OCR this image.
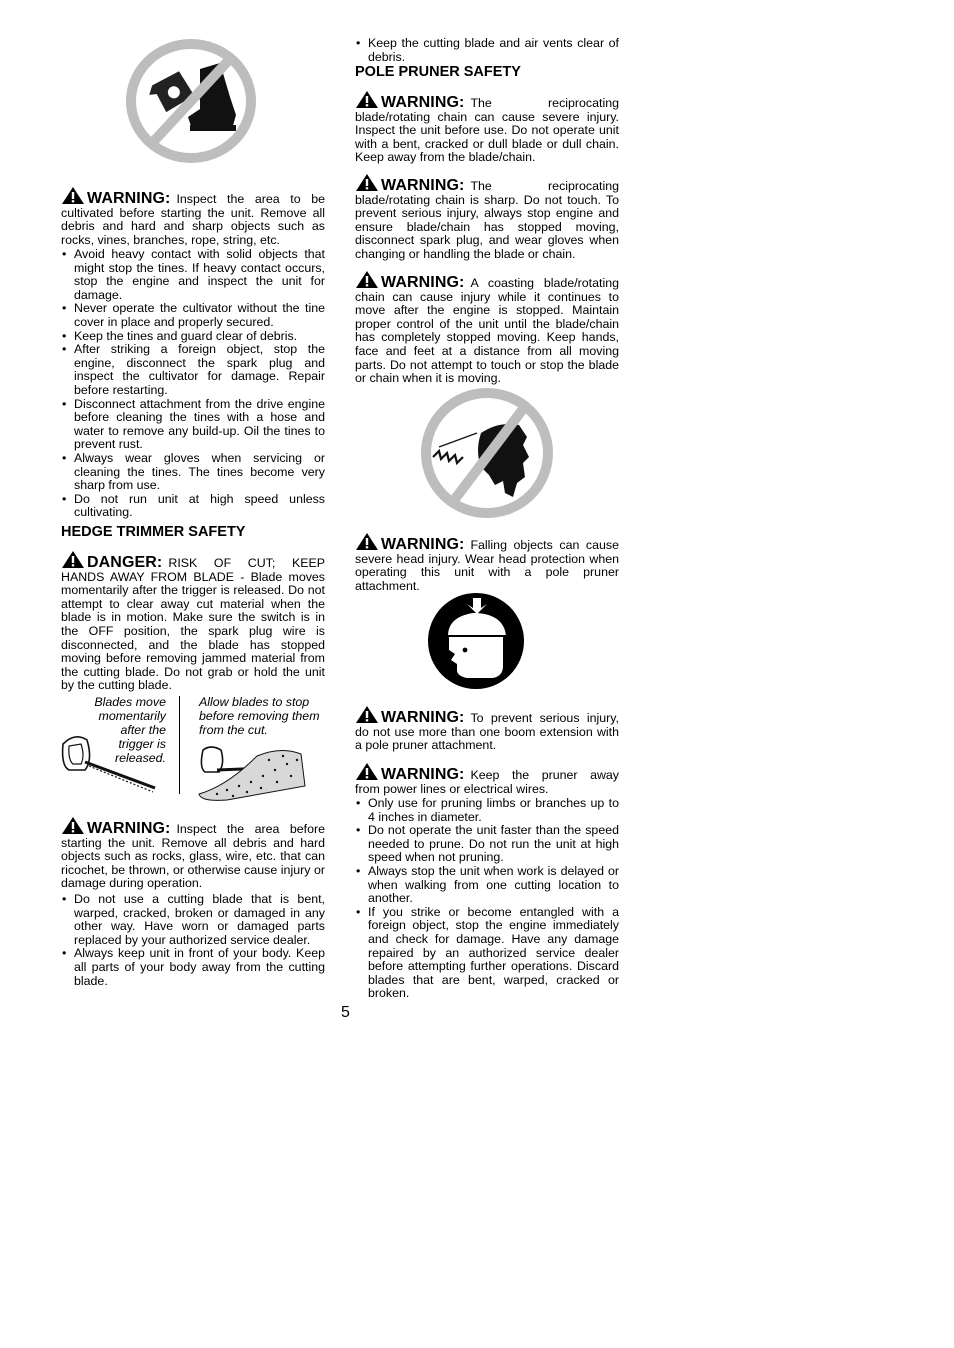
WARNING: Inspect the area to be cultivated before starting the unit. Remove all debris and hard and sharp objects such as rocks, vines, branches, rope, string, etc.

• Avoid heavy contact with solid objects that might stop the tines. If heavy contact occurs, stop the engine and inspect the unit for damage.
• Never operate the cultivator without the tine cover in place and properly secured.
• Keep the tines and guard clear of debris.
• After striking a foreign object, stop the engine, disconnect the spark plug and inspect the cultivator for damage. Repair before restarting.
• Disconnect attachment from the drive engine before cleaning the tines with a hose and water to remove any build-up. Oil the tines to prevent rust.
• Always wear gloves when servicing or cleaning the tines. The tines become very sharp from use.
• Do not run unit at high speed unless cultivating.

HEDGE TRIMMER SAFETY

DANGER: RISK OF CUT; KEEP HANDS AWAY FROM BLADE - Blade moves momentarily after the trigger is released. Do not attempt to clear away cut material when the blade is in motion. Make sure the switch is in the OFF position, the spark plug wire is disconnected, and the blade has stopped moving before removing jammed material from the cutting blade. Do not grab or hold the unit by the cutting blade.

Blades move momentarily after the trigger is released.
Allow blades to stop before removing them from the cut.

WARNING: Inspect the area before starting the unit. Remove all debris and hard objects such as rocks, glass, wire, etc. that can ricochet, be thrown, or otherwise cause injury or damage during operation.

• Do not use a cutting blade that is bent, warped, cracked, broken or damaged in any other way. Have worn or damaged parts replaced by your authorized service dealer.
• Always keep unit in front of your body. Keep all parts of your body away from the cutting blade.
• Keep the cutting blade and air vents clear of debris.

POLE PRUNER SAFETY

WARNING: The reciprocating blade/rotating chain can cause severe injury. Inspect the unit before use. Do not operate unit with a bent, cracked or dull blade or dull chain. Keep away from the blade/chain.

WARNING: The reciprocating blade/rotating chain is sharp. Do not touch. To prevent serious injury, always stop engine and ensure blade/chain has stopped moving, disconnect spark plug, and wear gloves when changing or handling the blade or chain.

WARNING: A coasting blade/rotating chain can cause injury while it continues to move after the engine is stopped. Maintain proper control of the unit until the blade/chain has completely stopped moving. Keep hands, face and feet at a distance from all moving parts. Do not attempt to touch or stop the blade or chain when it is moving.

WARNING: Falling objects can cause severe head injury. Wear head protection when operating this unit with a pole pruner attachment.

WARNING: To prevent serious injury, do not use more than one boom extension with a pole pruner attachment.

WARNING: Keep the pruner away from power lines or electrical wires.

• Only use for pruning limbs or branches up to 4 inches in diameter.
• Do not operate the unit faster than the speed needed to prune. Do not run the unit at high speed when not pruning.
• Always stop the unit when work is delayed or when walking from one cutting location to another.
• If you strike or become entangled with a foreign object, stop the engine immediately and check for damage. Have any damage repaired by an authorized service dealer before attempting further operations. Discard blades that are bent, warped, cracked or broken.
5
